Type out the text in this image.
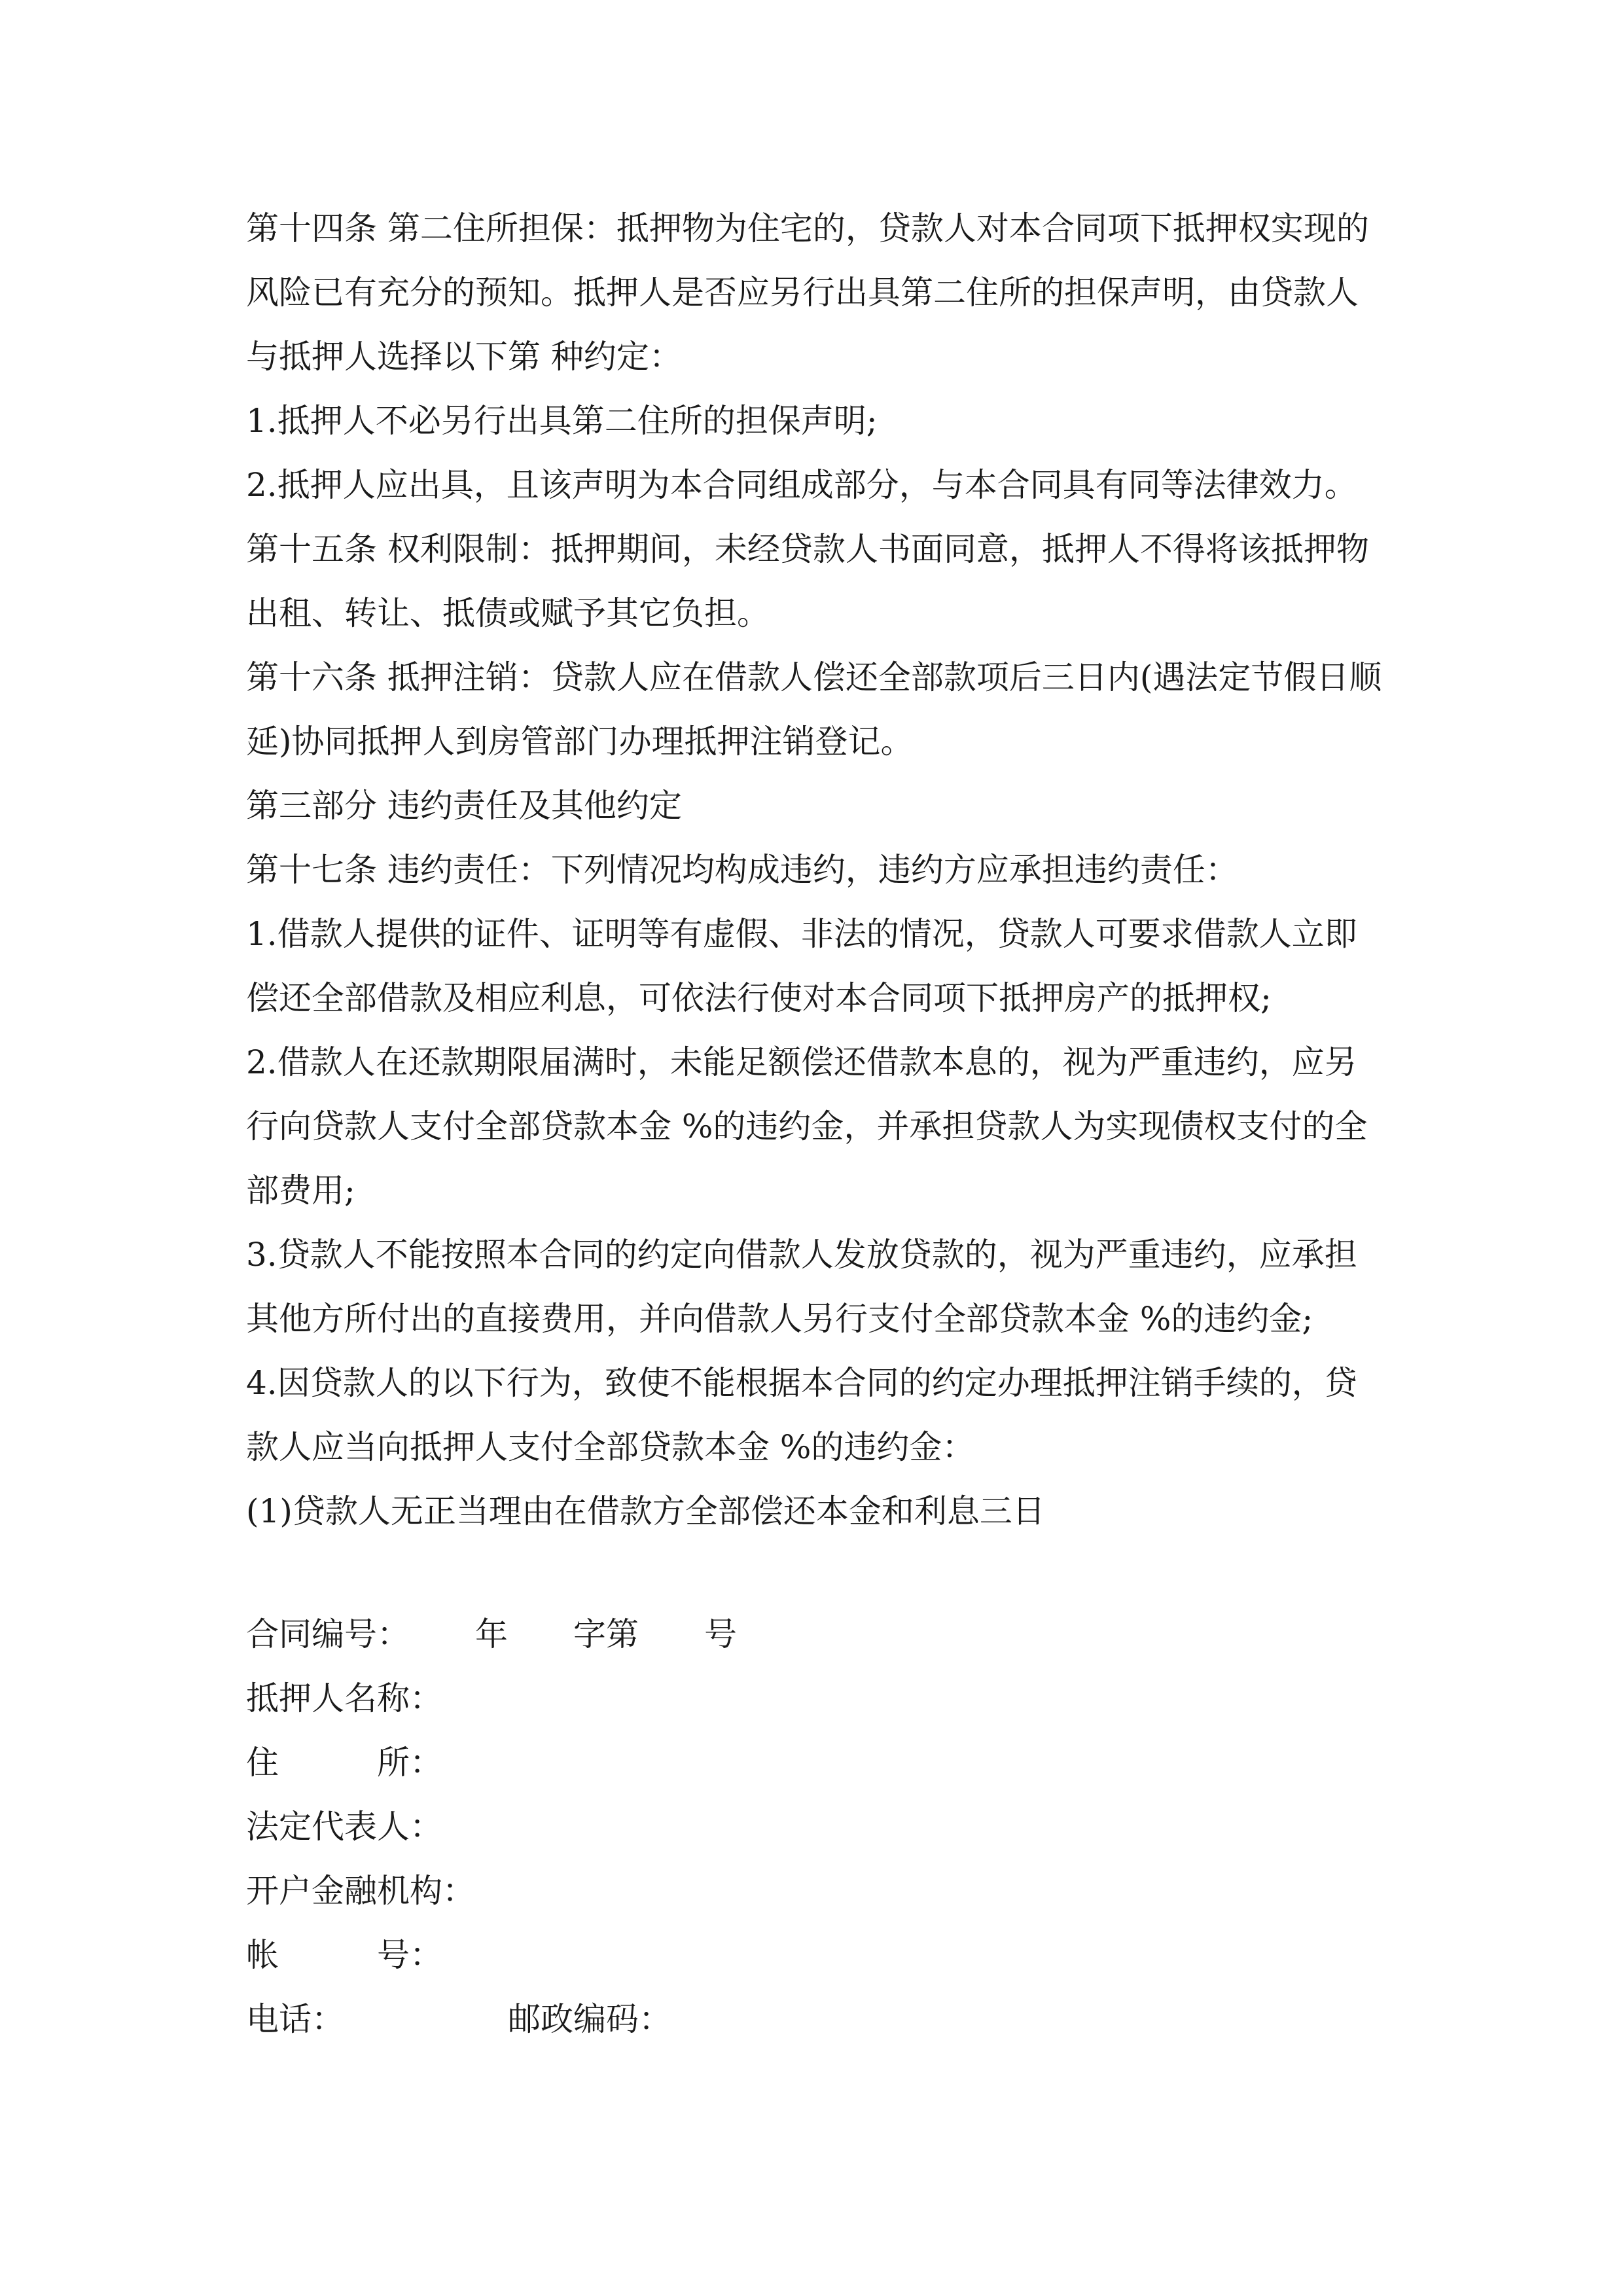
第十四条 第二住所担保：抵押物为住宅的，贷款人对本合同项下抵押权实现的风险已有充分的预知。抵押人是否应另行出具第二住所的担保声明，由贷款人与抵押人选择以下第 种约定：

1.抵押人不必另行出具第二住所的担保声明;

2.抵押人应出具，且该声明为本合同组成部分，与本合同具有同等法律效力。

第十五条 权利限制：抵押期间，未经贷款人书面同意，抵押人不得将该抵押物出租、转让、抵债或赋予其它负担。

第十六条 抵押注销：贷款人应在借款人偿还全部款项后三日内(遇法定节假日顺延)协同抵押人到房管部门办理抵押注销登记。

第三部分 违约责任及其他约定

第十七条 违约责任：下列情况均构成违约，违约方应承担违约责任：

1.借款人提供的证件、证明等有虚假、非法的情况，贷款人可要求借款人立即偿还全部借款及相应利息，可依法行使对本合同项下抵押房产的抵押权;

2.借款人在还款期限届满时，未能足额偿还借款本息的，视为严重违约，应另行向贷款人支付全部贷款本金 %的违约金，并承担贷款人为实现债权支付的全部费用;

3.贷款人不能按照本合同的约定向借款人发放贷款的，视为严重违约，应承担其他方所付出的直接费用，并向借款人另行支付全部贷款本金 %的违约金;

4.因贷款人的以下行为，致使不能根据本合同的约定办理抵押注销手续的，贷款人应当向抵押人支付全部贷款本金 %的违约金：

(1)贷款人无正当理由在借款方全部偿还本金和利息三日

合同编号： 年 字第 号
抵押人名称：
住	所：
法定代表人：
开户金融机构：
帐	号：
电话：	邮政编码：
